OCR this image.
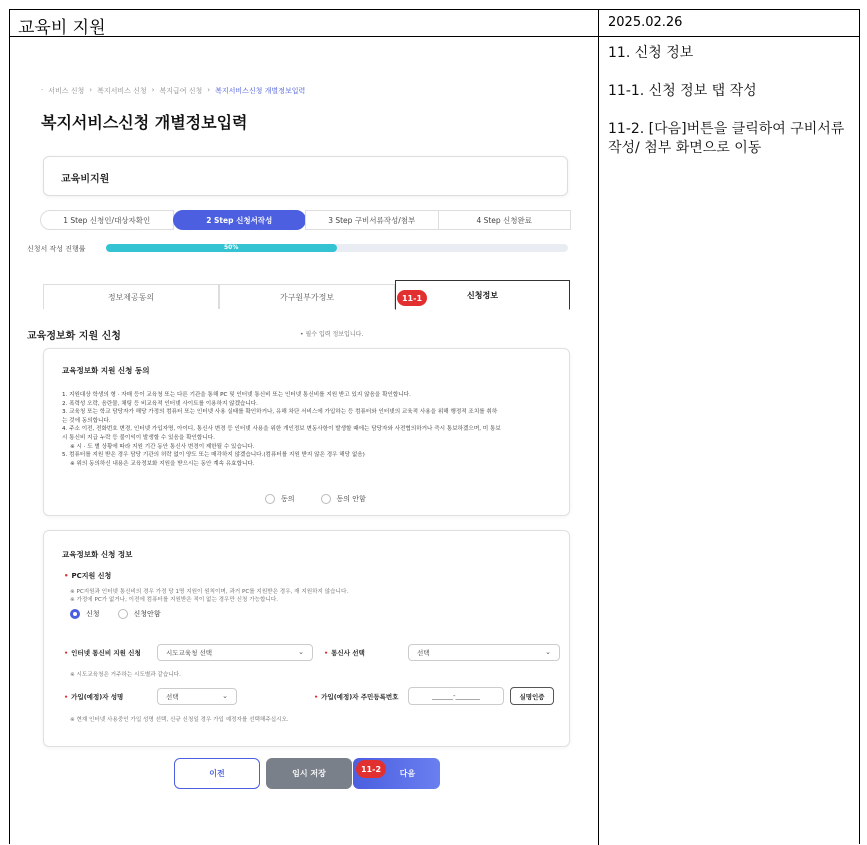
교육비 지원	2025.02.26

11. 신청 정보

11-1. 신청 정보 탭 작성

11-2. [다음]버튼을 클릭하여 구비서류 작성/ 첨부 화면으로 이동

· 서비스 신청 › 복지서비스 신청 › 복지급여 신청 › 복지서비스신청 개별정보입력
복지서비스신청 개별정보입력
교육비지원
1 Step 신청인/대상자확인	2 Step 신청서작성	3 Step 구비서류작성/첨부	4 Step 신청완료
신청서 작성 진행률	50%
정보제공동의	가구원부가정보	신청정보
11-1
교육정보화 지원 신청	• 필수 입력 정보입니다.
교육정보화 지원 신청 동의
1. 지원대상 학생의 형 · 자매 등이 교육청 또는 다른 기관을 통해 PC 및 인터넷 통신비 또는 인터넷 통신비를 지원 받고 있지 않음을 확인합니다.
2. 폭력성 오락, 음란물, 채팅 등 비교육적 인터넷 사이트를 이용하지 않겠습니다.
3. 교육청 또는 학교 담당자가 해당 가정의 컴퓨터 또는 인터넷 사용 실태를 확인하거나, 유해 차단 서비스에 가입하는 등 컴퓨터와 인터넷의 교육적 사용을 위해 행정적 조치를 취하
는 것에 동의합니다.
4. 주소 이전, 전화번호 변경, 인터넷 가입자명, 아이디, 통신사 변경 등 인터넷 사용을 위한 개인정보 변동사항이 발생할 때에는 담당자와 사전협의하거나 즉시 통보하겠으며, 미 통보
시 통신비 지급 누락 등 불이익이 발생할 수 있음을 확인합니다.
※ 시 · 도 별 상황에 따라 지원 기간 동안 통신사 변경이 제한될 수 있습니다.
5. 컴퓨터를 지원 받은 경우 담당 기관의 허락 없이 양도 또는 매각하지 않겠습니다.(컴퓨터를 지원 받지 않은 경우 해당 없음)
※ 위의 동의하신 내용은 교육정보화 지원을 받으시는 동안 계속 유효합니다.
동의	동의 안함
교육정보화 신청 정보
• PC지원 신청
※ PC지원과 인터넷 통신비의 경우 가정 당 1명 지원이 원칙이며, 과거 PC를 지원받은 경우, 재 지원하지 않습니다.
※ 가정에 PC가 없거나, 이전에 컴퓨터를 지원받은 적이 없는 경우만 신청 가능합니다.
신청	신청안함
• 인터넷 통신비 지원 신청	시도교육청 선택	⌄	• 통신사 선택	선택	⌄
※ 시도교육청은 거주하는 시도별과 같습니다.
• 가입(예정)자 성명	선택	⌄	• 가입(예정)자 주민등록번호	______-_______	실명인증
※ 현재 인터넷 사용중인 가입 성명 선택, 신규 신청일 경우 가입 예정자를 선택해주십시오.
이전	임시 저장	다음
11-2
